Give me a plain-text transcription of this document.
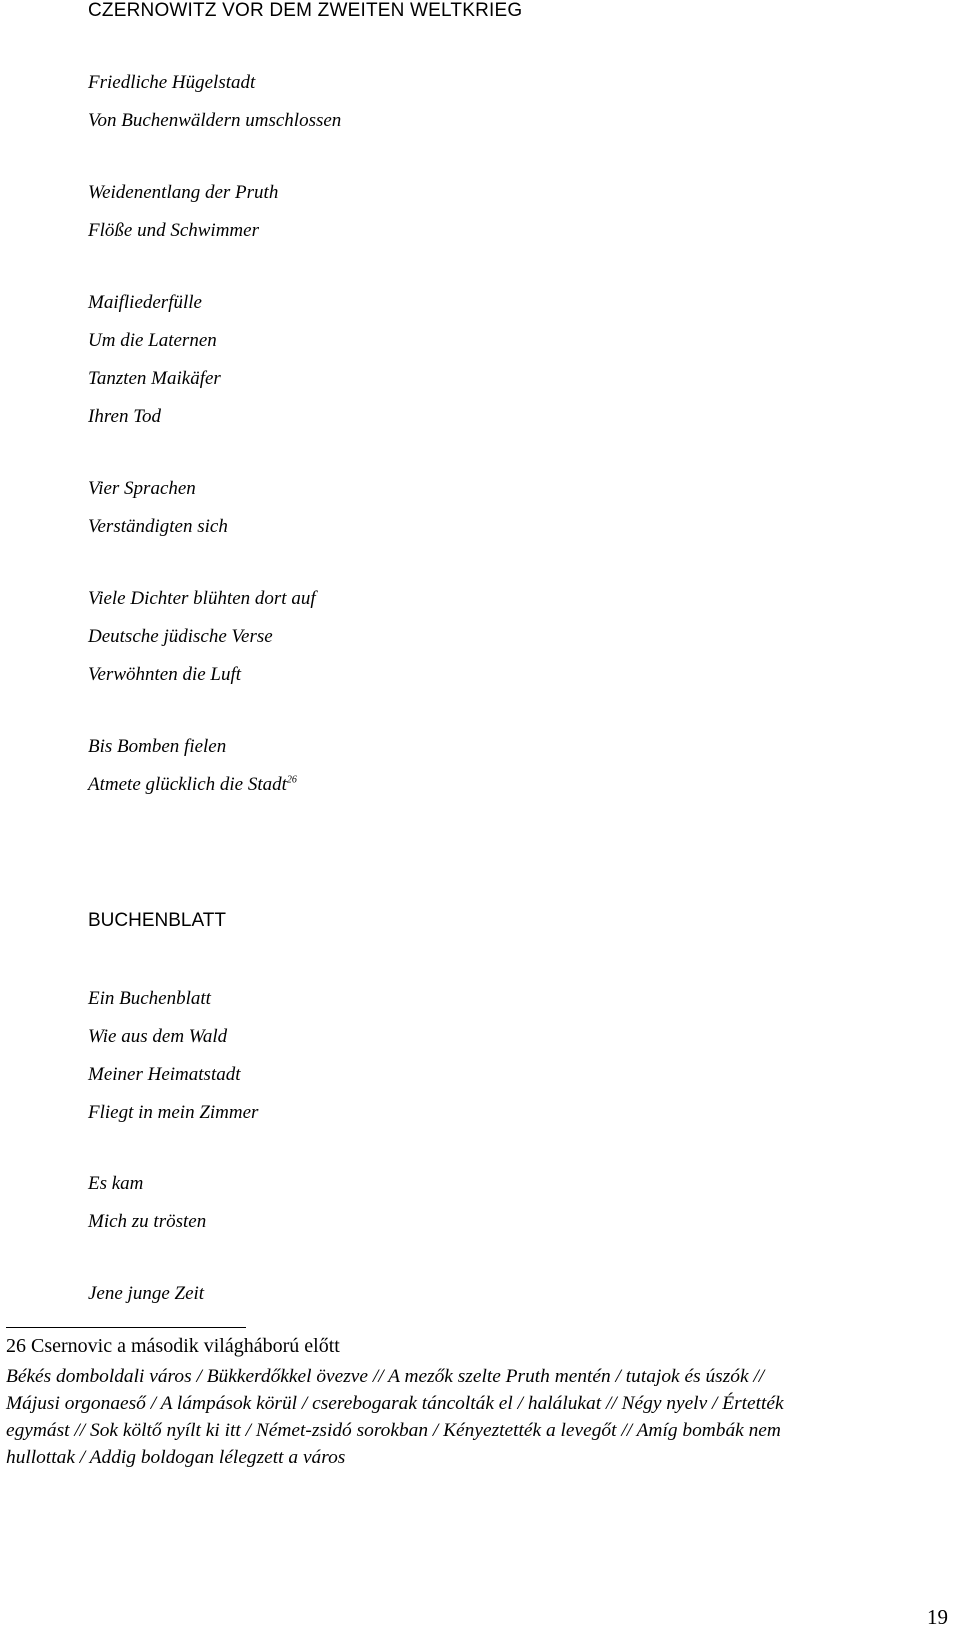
CZERNOWITZ VOR DEM ZWEITEN WELTKRIEG
Friedliche Hügelstadt
Von Buchenwäldern umschlossen
Weidenentlang der Pruth
Flöße und Schwimmer
Maifliederfülle
Um die Laternen
Tanzten Maikäfer
Ihren Tod
Vier Sprachen
Verständigten sich
Viele Dichter blühten dort auf
Deutsche jüdische Verse
Verwöhnten die Luft
Bis Bomben fielen
Atmete glücklich die Stadt$^{26}$
BUCHENBLATT
Ein Buchenblatt
Wie aus dem Wald
Meiner Heimatstadt
Fliegt in mein Zimmer
Es kam
Mich zu trösten
Jene junge Zeit
26 Csernovic a második világháború előtt
Békés domboldali város / Bükkerdőkkel övezve // A mezők szelte Pruth mentén / tutajok és úszók //
Májusi orgonaeső / A lámpások körül / cserebogarak táncolták el / halálukat // Négy nyelv / Értették
egymást // Sok költő nyílt ki itt / Német-zsidó sorokban / Kényeztették a levegőt // Amíg bombák nem
hullottak / Addig boldogan lélegzett a város
19
